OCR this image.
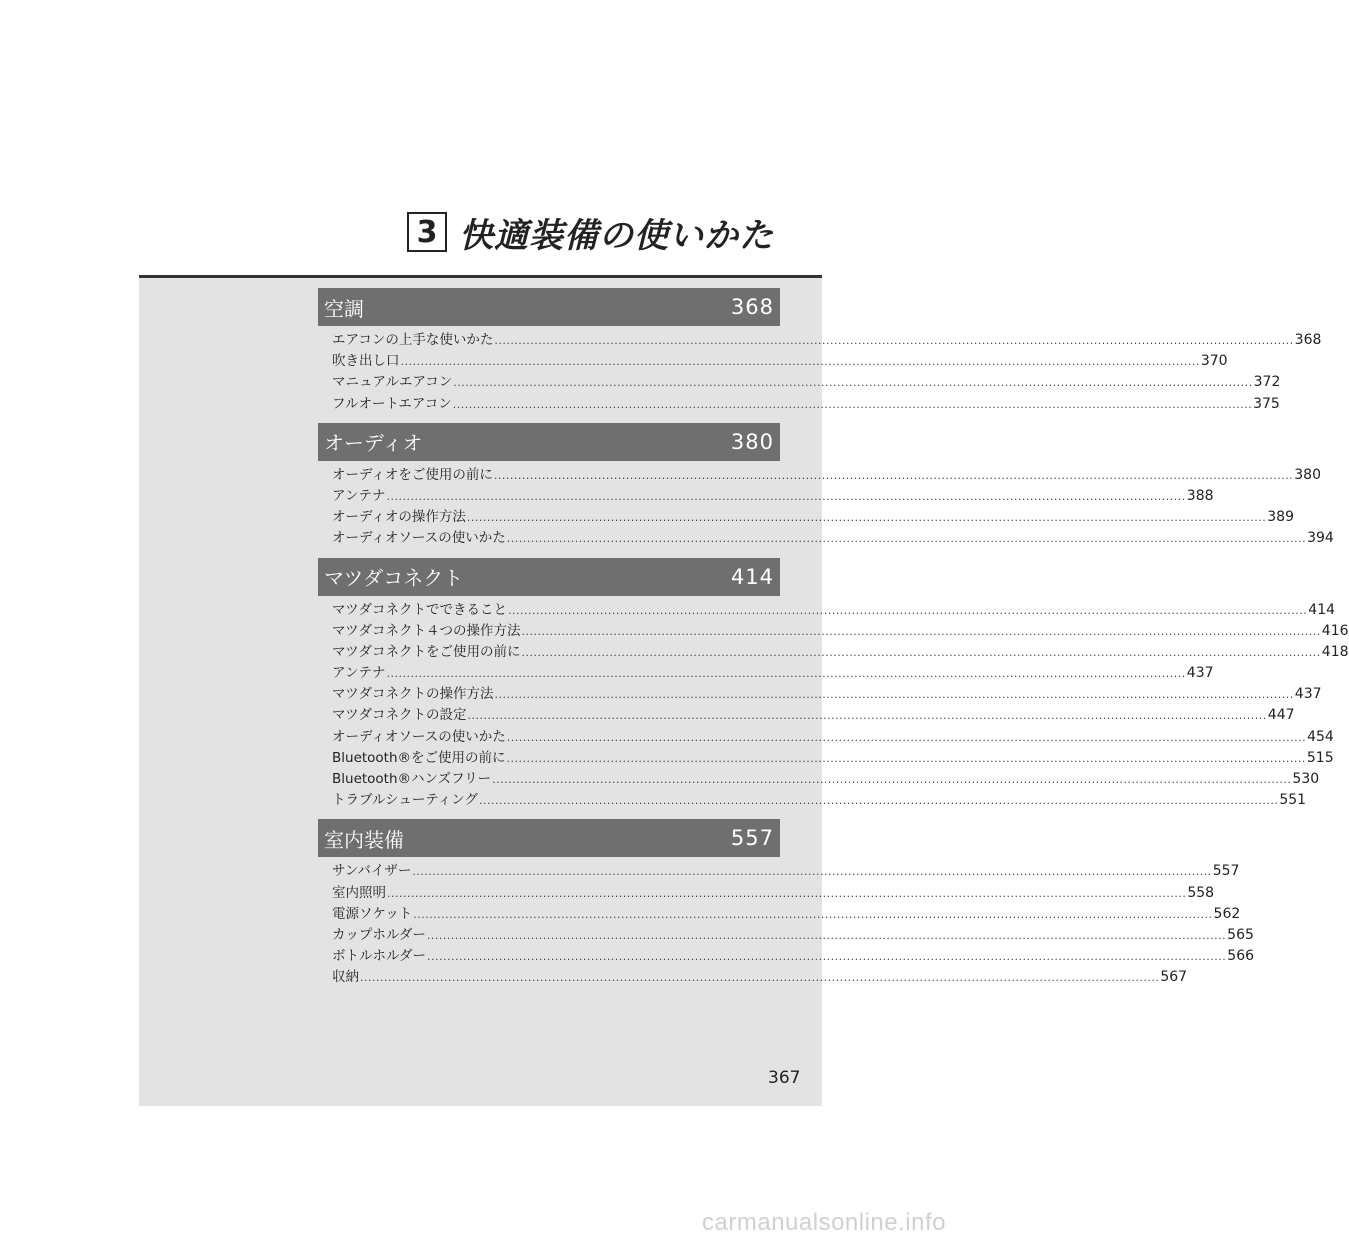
3 快適装備の使いかた
空調	368
エアコンの上手な使いかた ........................................................................................................................................................................................................ 368
吹き出し口 ........................................................................................................................................................................................................ 370
マニュアルエアコン ........................................................................................................................................................................................................ 372
フルオートエアコン ........................................................................................................................................................................................................ 375
オーディオ	380
オーディオをご使用の前に ........................................................................................................................................................................................................ 380
アンテナ ........................................................................................................................................................................................................ 388
オーディオの操作方法 ........................................................................................................................................................................................................ 389
オーディオソースの使いかた ........................................................................................................................................................................................................ 394
マツダコネクト	414
マツダコネクトでできること ........................................................................................................................................................................................................ 414
マツダコネクト４つの操作方法 ........................................................................................................................................................................................................ 416
マツダコネクトをご使用の前に ........................................................................................................................................................................................................ 418
アンテナ ........................................................................................................................................................................................................ 437
マツダコネクトの操作方法 ........................................................................................................................................................................................................ 437
マツダコネクトの設定 ........................................................................................................................................................................................................ 447
オーディオソースの使いかた ........................................................................................................................................................................................................ 454
Bluetooth®をご使用の前に ........................................................................................................................................................................................................ 515
Bluetooth®ハンズフリー ........................................................................................................................................................................................................ 530
トラブルシューティング ........................................................................................................................................................................................................ 551
室内装備	557
サンバイザー ........................................................................................................................................................................................................ 557
室内照明 ........................................................................................................................................................................................................ 558
電源ソケット ........................................................................................................................................................................................................ 562
カップホルダー ........................................................................................................................................................................................................ 565
ボトルホルダー ........................................................................................................................................................................................................ 566
収納 ........................................................................................................................................................................................................ 567
367
carmanualsonline.info
